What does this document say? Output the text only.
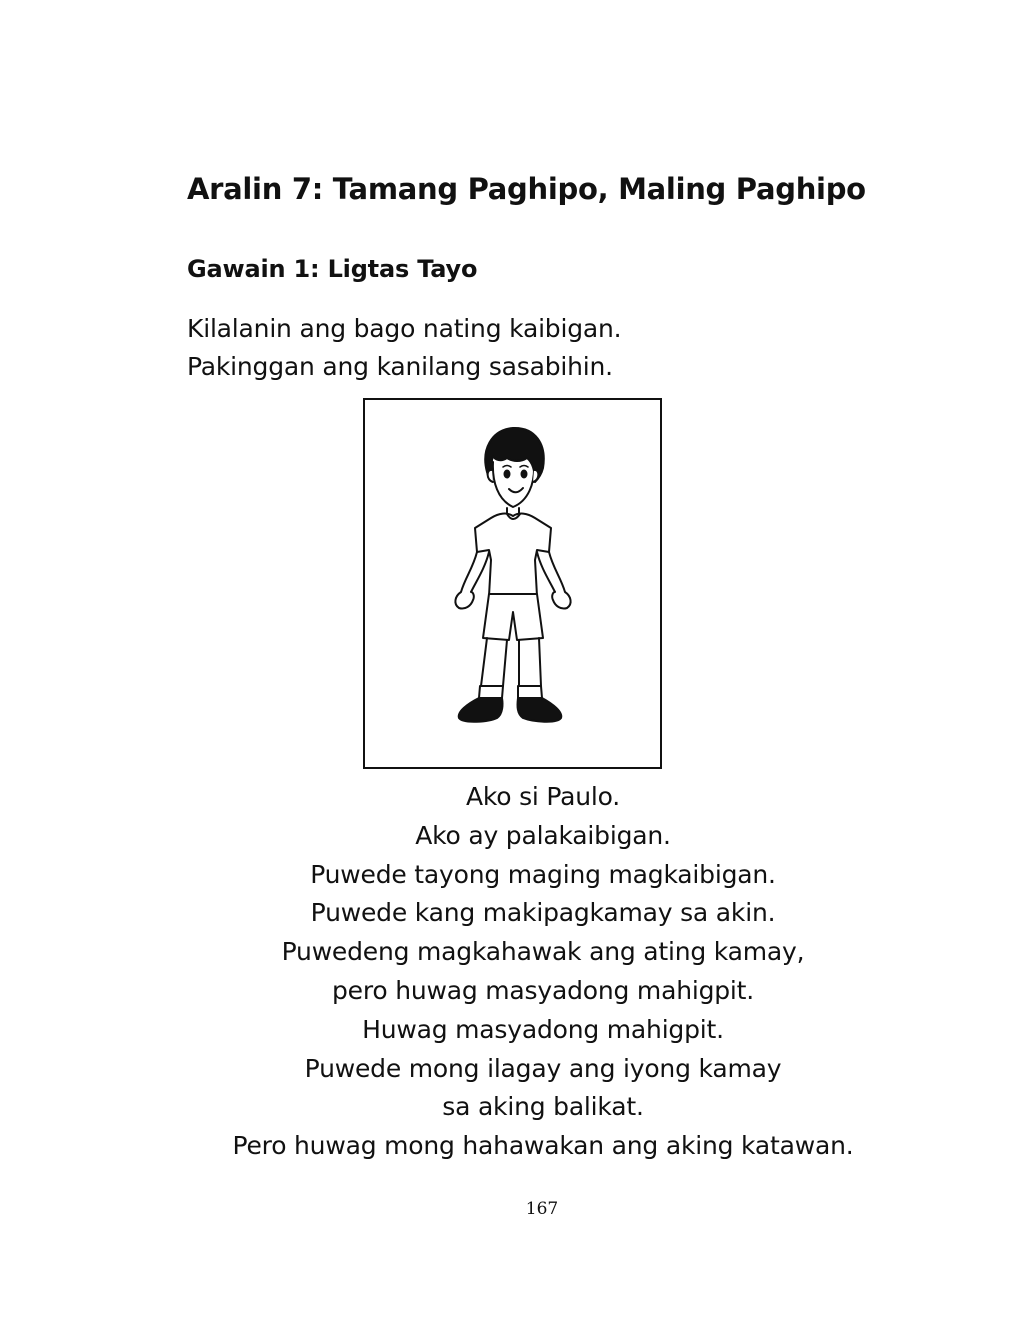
Aralin 7: Tamang Paghipo, Maling Paghipo
Gawain 1: Ligtas Tayo
Kilalanin ang bago nating kaibigan.
Pakinggan ang kanilang sasabihin.
Ako si Paulo.
Ako ay palakaibigan.
Puwede tayong maging magkaibigan.
Puwede kang makipagkamay sa akin.
Puwedeng magkahawak ang ating kamay,
pero huwag masyadong mahigpit.
Huwag masyadong mahigpit.
Puwede mong ilagay ang iyong kamay
sa aking balikat.
Pero huwag mong hahawakan ang aking katawan.
167
